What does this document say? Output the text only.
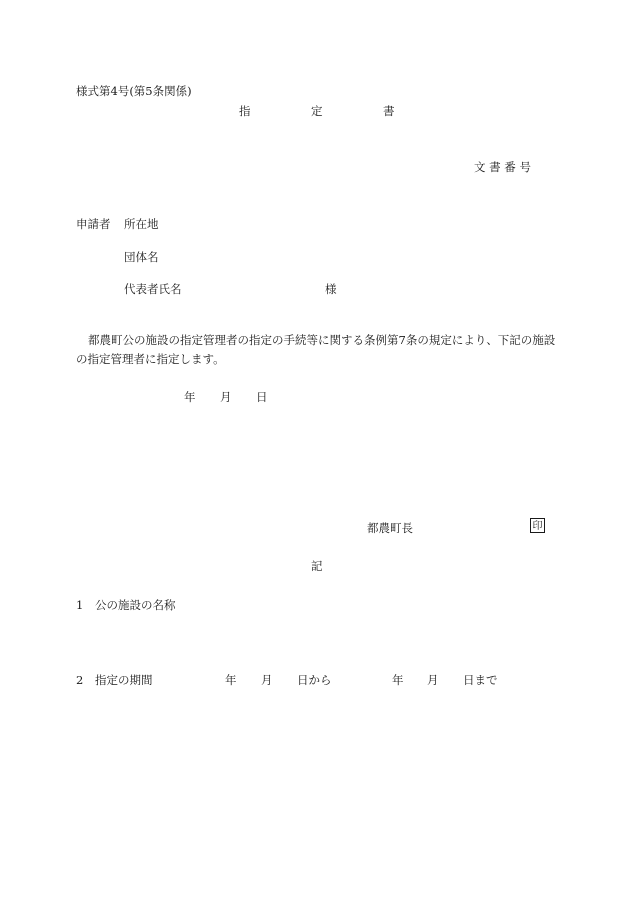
様式第4号(第5条関係)
指	定	書
文 書 番 号
申請者 所在地
団体名
代表者氏名	様
都農町公の施設の指定管理者の指定の手続等に関する条例第7条の規定により、下記の施設の指定管理者に指定します。
年 月 日
都農町長	印
記
1 公の施設の名称
2 指定の期間	年 月 日から	年 月 日まで
